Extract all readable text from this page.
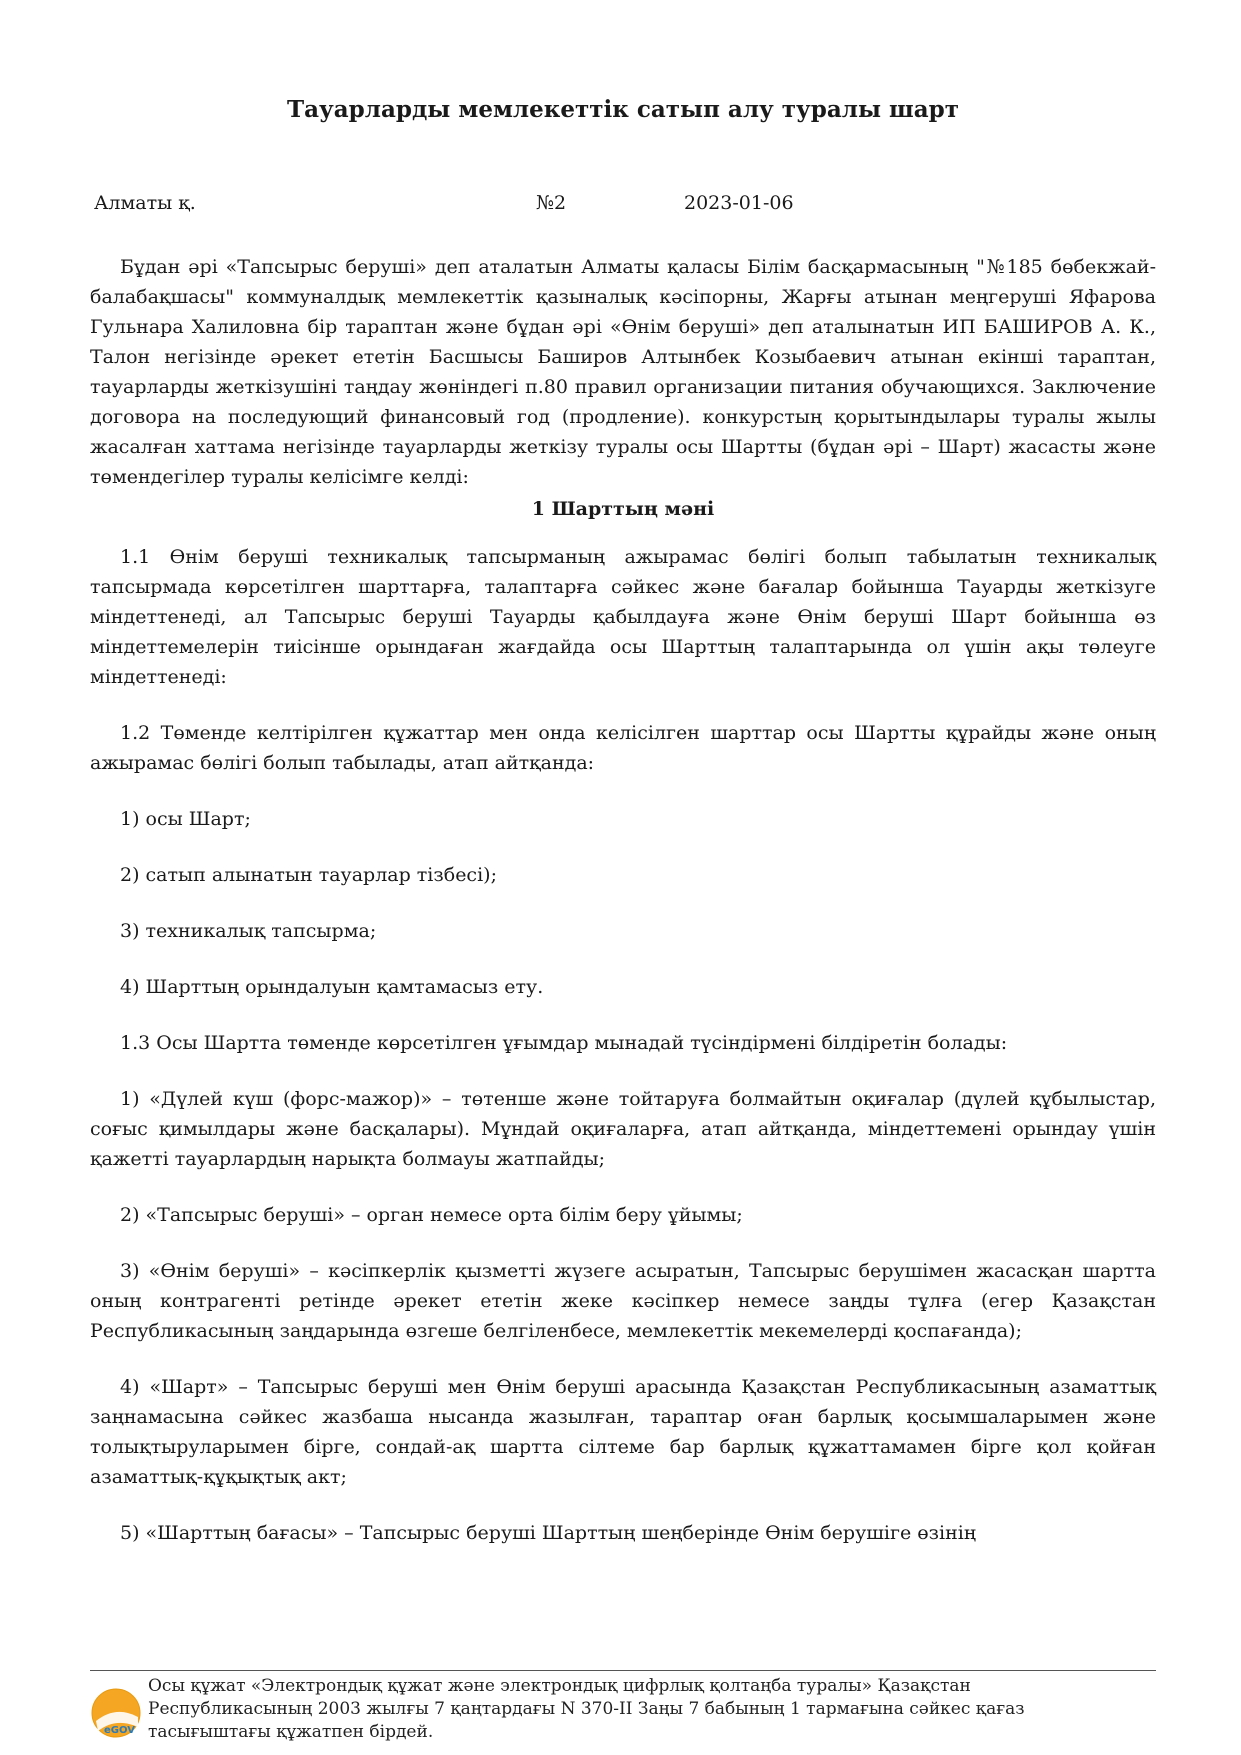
Тауарларды мемлекеттік сатып алу туралы шарт
Алматы қ.	№2	2023-01-06

Бұдан әрі «Тапсырыс беруші» деп аталатын Алматы қаласы Білім басқармасының "№185 бөбекжай-балабақшасы" коммуналдық мемлекеттік қазыналық кәсіпорны, Жарғы атынан меңгеруші Яфарова Гульнара Халиловна бір тараптан және бұдан әрі «Өнім беруші» деп аталынатын ИП БАШИРОВ А. К., Талон негізінде әрекет ететін Басшысы Баширов Алтынбек Козыбаевич атынан екінші тараптан, тауарларды жеткізушіні таңдау жөніндегі п.80 правил организации питания обучающихся. Заключение договора на последующий финансовый год (продление). конкурстың қорытындылары туралы жылы жасалған хаттама негізінде тауарларды жеткізу туралы осы Шартты (бұдан әрі – Шарт) жасасты және төмендегілер туралы келісімге келді:

1 Шарттың мәні

1.1 Өнім беруші техникалық тапсырманың ажырамас бөлігі болып табылатын техникалық тапсырмада көрсетілген шарттарға, талаптарға сәйкес және бағалар бойынша Тауарды жеткізуге міндеттенеді, ал Тапсырыс беруші Тауарды қабылдауға және Өнім беруші Шарт бойынша өз міндеттемелерін тиісінше орындаған жағдайда осы Шарттың талаптарында ол үшін ақы төлеуге міндеттенеді:

1.2 Төменде келтірілген құжаттар мен онда келісілген шарттар осы Шартты құрайды және оның ажырамас бөлігі болып табылады, атап айтқанда:

1) осы Шарт;

2) сатып алынатын тауарлар тізбесі);

3) техникалық тапсырма;

4) Шарттың орындалуын қамтамасыз ету.

1.3 Осы Шартта төменде көрсетілген ұғымдар мынадай түсіндірмені білдіретін болады:

1) «Дүлей күш (форс-мажор)» – төтенше және тойтаруға болмайтын оқиғалар (дүлей құбылыстар, соғыс қимылдары және басқалары). Мұндай оқиғаларға, атап айтқанда, міндеттемені орындау үшін қажетті тауарлардың нарықта болмауы жатпайды;

2) «Тапсырыс беруші» – орган немесе орта білім беру ұйымы;

3) «Өнім беруші» – кәсіпкерлік қызметті жүзеге асыратын, Тапсырыс берушімен жасасқан шартта оның контрагенті ретінде әрекет ететін жеке кәсіпкер немесе заңды тұлға (егер Қазақстан Республикасының заңдарында өзгеше белгіленбесе, мемлекеттік мекемелерді қоспағанда);

4) «Шарт» – Тапсырыс беруші мен Өнім беруші арасында Қазақстан Республикасының азаматтық заңнамасына сәйкес жазбаша нысанда жазылған, тараптар оған барлық қосымшаларымен және толықтыруларымен бірге, сондай-ақ шартта сілтеме бар барлық құжаттамамен бірге қол қойған азаматтық-құқықтық акт;

5) «Шарттың бағасы» – Тапсырыс беруші Шарттың шеңберінде Өнім берушіге өзінің

eGOV
Осы құжат «Электрондық құжат және электрондық цифрлық қолтаңба туралы» Қазақстан Республикасының 2003 жылғы 7 қаңтардағы N 370-II Заңы 7 бабының 1 тармағына сәйкес қағаз тасығыштағы құжатпен бірдей.
